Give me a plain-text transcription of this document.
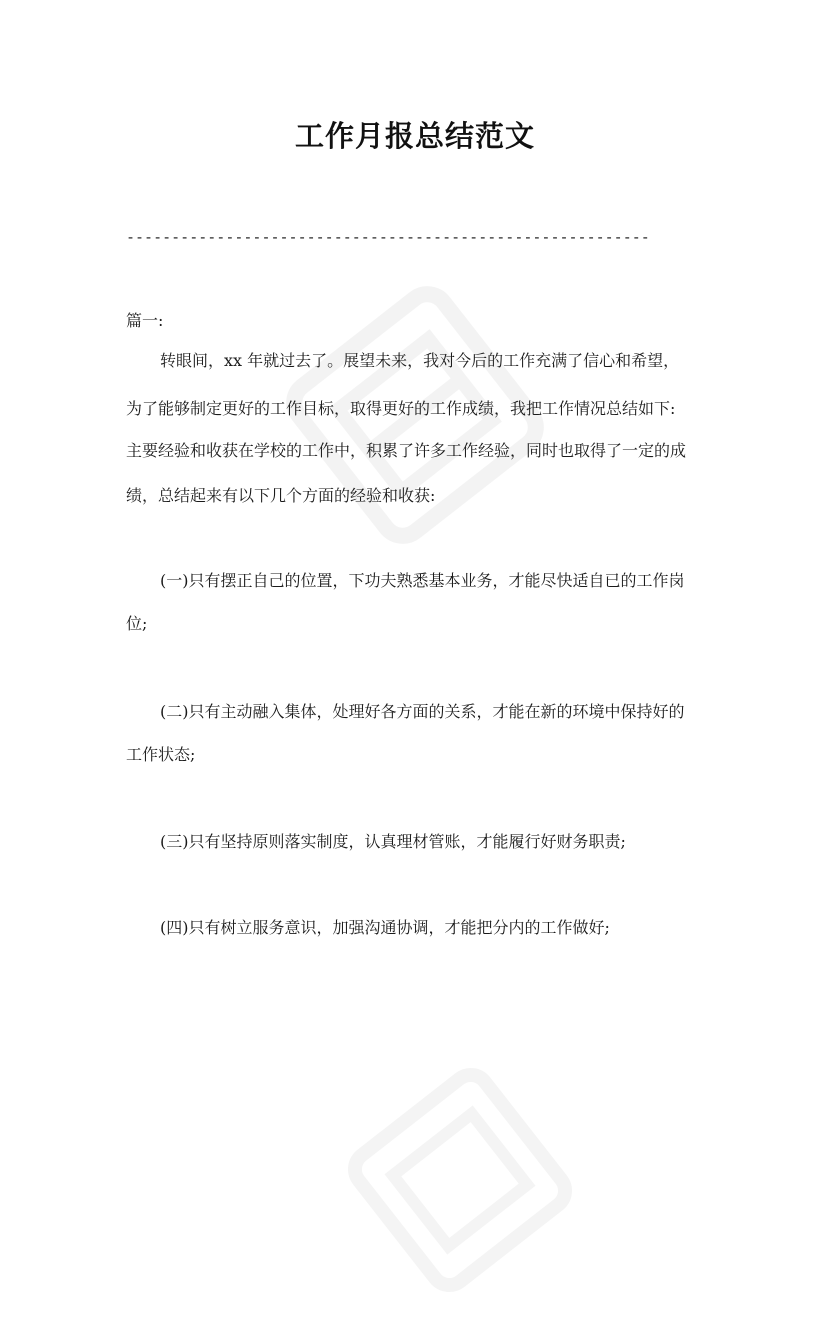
工作月报总结范文
----------------------------------------------------------
篇一:
转眼间，xx 年就过去了。展望未来，我对今后的工作充满了信心和希望，
为了能够制定更好的工作目标，取得更好的工作成绩，我把工作情况总结如下:
主要经验和收获在学校的工作中，积累了许多工作经验，同时也取得了一定的成
绩，总结起来有以下几个方面的经验和收获:
(一)只有摆正自己的位置，下功夫熟悉基本业务，才能尽快适自已的工作岗
位;
(二)只有主动融入集体，处理好各方面的关系，才能在新的环境中保持好的
工作状态;
(三)只有坚持原则落实制度，认真理材管账，才能履行好财务职责;
(四)只有树立服务意识，加强沟通协调，才能把分内的工作做好;
